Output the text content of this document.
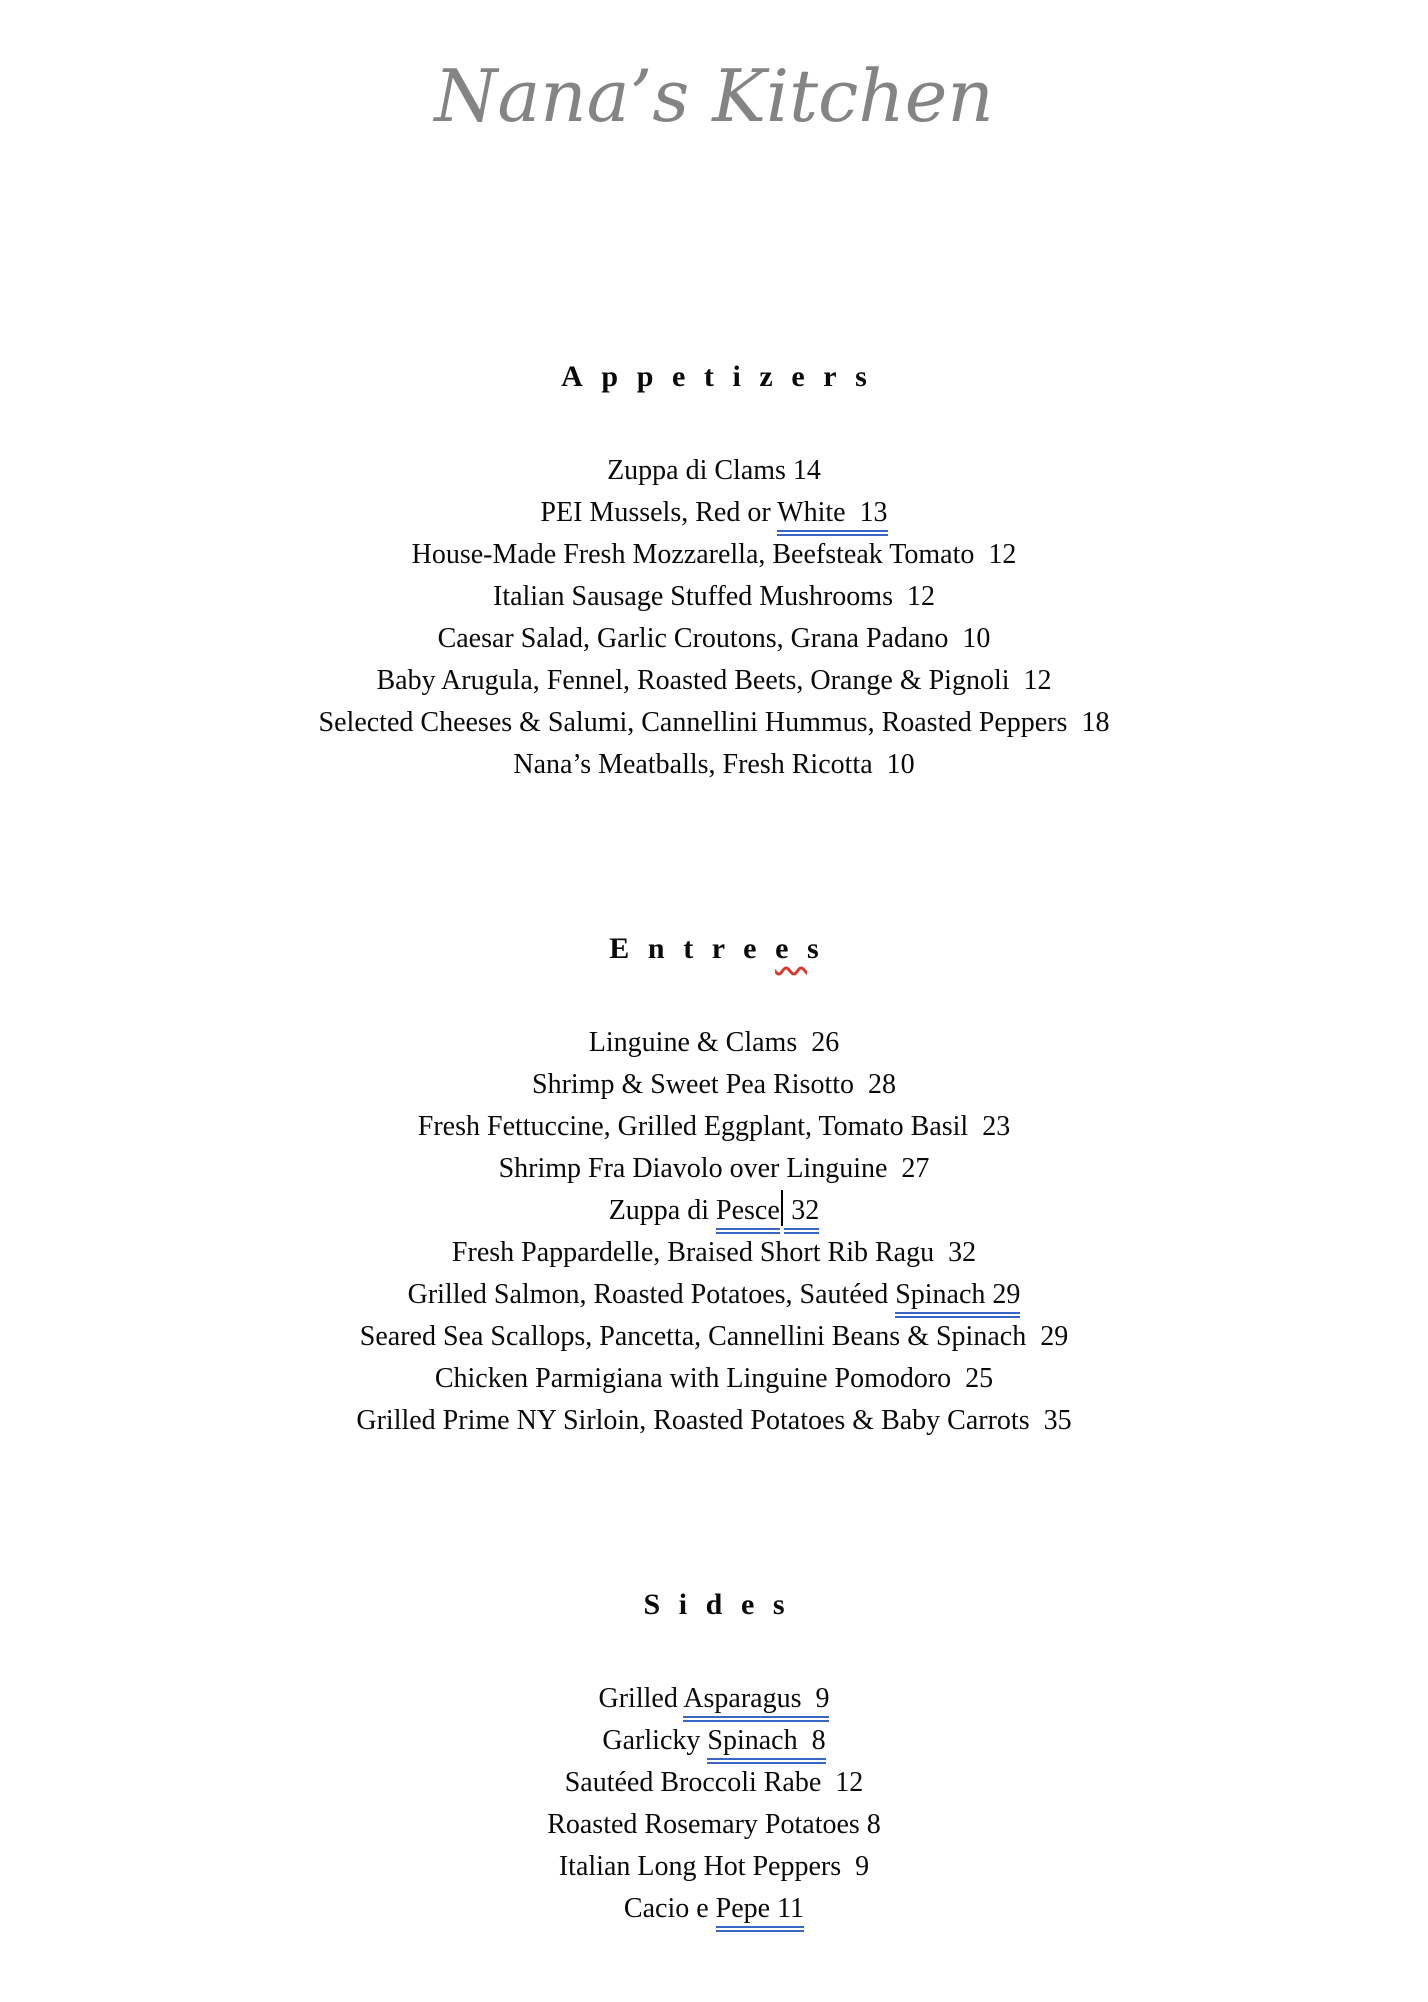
Nana’s Kitchen

Appetizers

Zuppa di Clams 14

PEI Mussels, Red or White  13

House-Made Fresh Mozzarella, Beefsteak Tomato  12

Italian Sausage Stuffed Mushrooms  12

Caesar Salad, Garlic Croutons, Grana Padano  10

Baby Arugula, Fennel, Roasted Beets, Orange & Pignoli  12

Selected Cheeses & Salumi, Cannellini Hummus, Roasted Peppers  18

Nana’s Meatballs, Fresh Ricotta  10

Entrees

Linguine & Clams  26

Shrimp & Sweet Pea Risotto  28

Fresh Fettuccine, Grilled Eggplant, Tomato Basil  23

Shrimp Fra Diavolo over Linguine  27

Zuppa di Pesce 32

Fresh Pappardelle, Braised Short Rib Ragu  32

Grilled Salmon, Roasted Potatoes, Sautéed Spinach 29

Seared Sea Scallops, Pancetta, Cannellini Beans & Spinach  29

Chicken Parmigiana with Linguine Pomodoro  25

Grilled Prime NY Sirloin, Roasted Potatoes & Baby Carrots  35

Sides

Grilled Asparagus  9

Garlicky Spinach  8

Sautéed Broccoli Rabe  12

Roasted Rosemary Potatoes 8

Italian Long Hot Peppers  9

Cacio e Pepe 11
